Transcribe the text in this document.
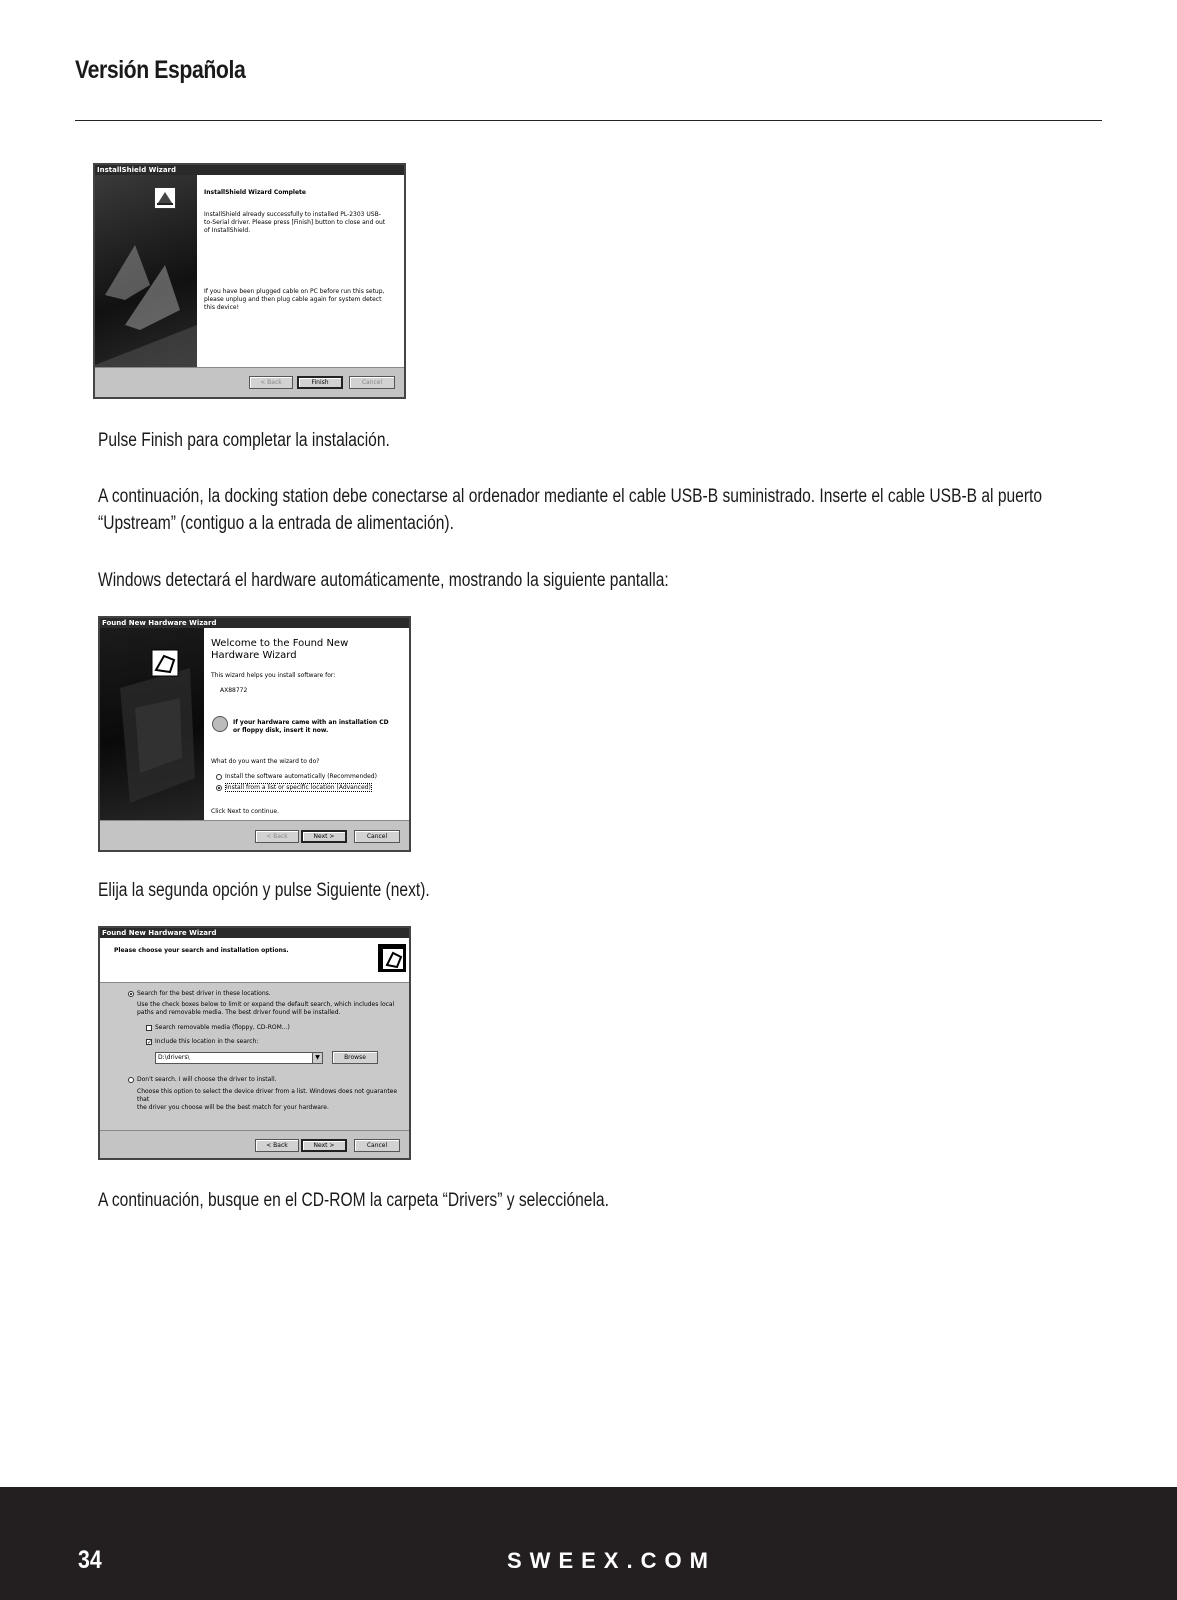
Versión Española
InstallShield Wizard
InstallShield Wizard Complete
InstallShield already successfully to installed PL-2303 USB-to-Serial driver. Please press [Finish] button to close and out of InstallShield.
If you have been plugged cable on PC before run this setup, please unplug and then plug cable again for system detect this device!
< Back	Finish	Cancel
Pulse Finish para completar la instalación.
A continuación, la docking station debe conectarse al ordenador mediante el cable USB-B suministrado. Inserte el cable USB-B al puerto
“Upstream” (contiguo a la entrada de alimentación).
Windows detectará el hardware automáticamente, mostrando la siguiente pantalla:
Found New Hardware Wizard
Welcome to the Found New
Hardware Wizard
This wizard helps you install software for:
AX88772
If your hardware came with an installation CD
or floppy disk, insert it now.
What do you want the wizard to do?
Install the software automatically (Recommended)
Install from a list or specific location (Advanced)
Click Next to continue.
< Back	Next >	Cancel
Elija la segunda opción y pulse Siguiente (next).
Found New Hardware Wizard
Please choose your search and installation options.
Search for the best driver in these locations.
Use the check boxes below to limit or expand the default search, which includes local
paths and removable media. The best driver found will be installed.
Search removable media (floppy, CD-ROM...)
✓ Include this location in the search:
D:\drivers\	▼	Browse
Don't search. I will choose the driver to install.
Choose this option to select the device driver from a list. Windows does not guarantee that
the driver you choose will be the best match for your hardware.
< Back	Next >	Cancel
A continuación, busque en el CD-ROM la carpeta “Drivers” y selecciónela.
34	SWEEX.COM
